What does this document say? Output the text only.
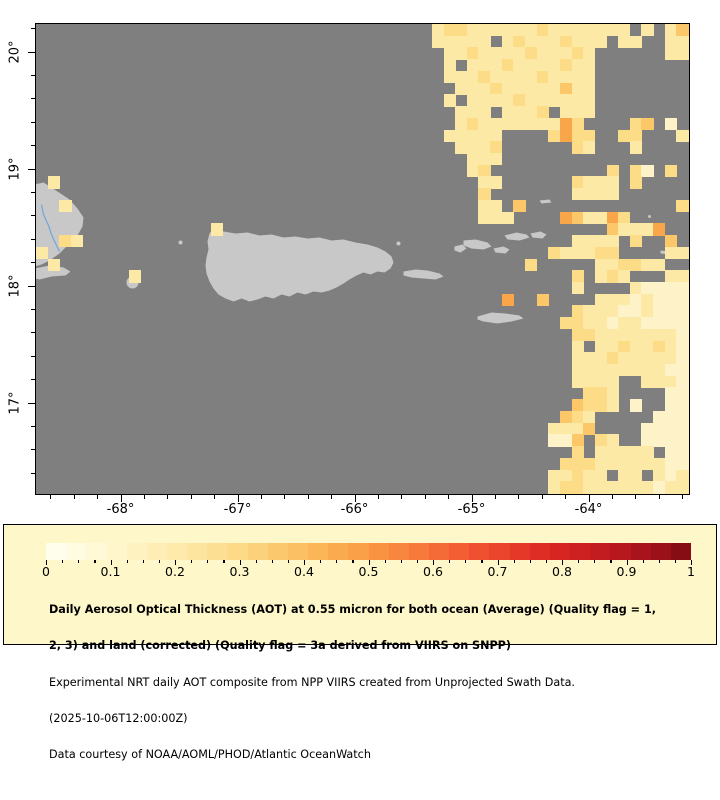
20°
19°
18°
17°
-68°	-67°	-66°	-65°	-64°
0	0.1	0.2	0.3	0.4	0.5	0.6	0.7	0.8	0.9	1

Daily Aerosol Optical Thickness (AOT) at 0.55 micron for both ocean (Average) (Quality flag = 1,

2, 3) and land (corrected) (Quality flag = 3a derived from VIIRS on SNPP)

Experimental NRT daily AOT composite from NPP VIIRS created from Unprojected Swath Data.

(2025-10-06T12:00:00Z)

Data courtesy of NOAA/AOML/PHOD/Atlantic OceanWatch
